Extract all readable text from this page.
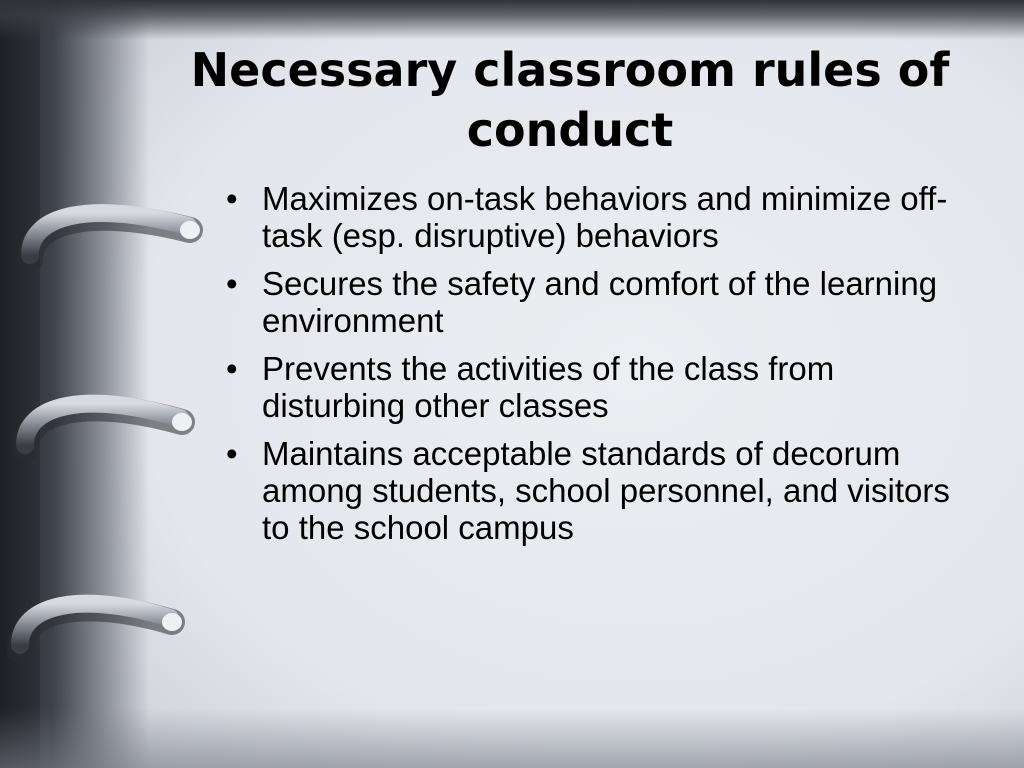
Necessary classroom rules of conduct
• Maximizes on-task behaviors and minimize off-task (esp. disruptive) behaviors
• Secures the safety and comfort of the learning environment
• Prevents the activities of the class from disturbing other classes
• Maintains acceptable standards of decorum among students, school personnel, and visitors to the school campus
